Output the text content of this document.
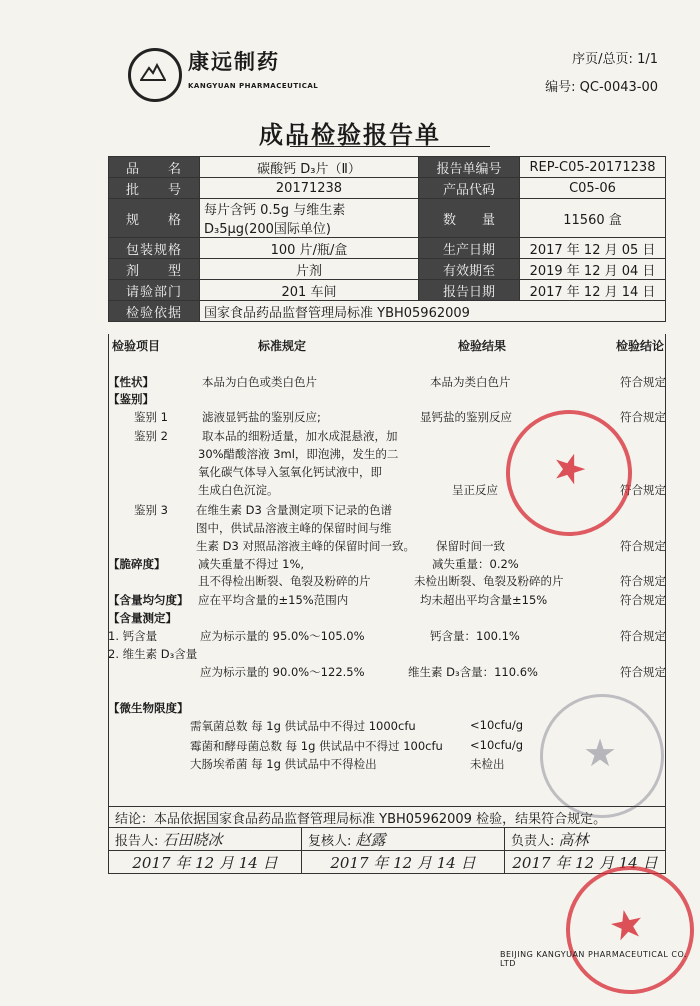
康远制药
KANGYUAN PHARMACEUTICAL
序页/总页: 1/1
编号: QC-0043-00
成品检验报告单
品　　名	碳酸钙 D₃片（Ⅱ）	报告单编号	REP-C05-20171238
批　　号	20171238	产品代码	C05-06
规　　格	每片含钙 0.5g 与维生素 D₃5μg(200国际单位)	数　　量	11560 盒
包装规格	100 片/瓶/盒	生产日期	2017 年 12 月 05 日
剂　　型	片剂	有效期至	2019 年 12 月 04 日
请验部门	201 车间	报告日期	2017 年 12 月 14 日
检验依据	国家食品药品监督管理局标准 YBH05962009		
检验项目	标准规定	检验结果	检验结论
【性状】	本品为白色或类白色片	本品为类白色片	符合规定
【鉴别】
鉴别 1	滤液显钙盐的鉴别反应;	显钙盐的鉴别反应	符合规定
鉴别 2	取本品的细粉适量，加水成混悬液，加
30%醋酸溶液 3ml，即泡沸，发生的二
氧化碳气体导入氢氧化钙试液中，即
生成白色沉淀。	呈正反应	符合规定
鉴别 3 在维生素 D3 含量测定项下记录的色谱
图中，供试品溶液主峰的保留时间与维
生素 D3 对照品溶液主峰的保留时间一致。 保留时间一致	符合规定
【脆碎度】	减失重量不得过 1%,	减失重量：0.2%
且不得检出断裂、龟裂及粉碎的片	未检出断裂、龟裂及粉碎的片	符合规定
【含量均匀度】 应在平均含量的±15%范围内	均未超出平均含量±15%	符合规定
【含量测定】
1. 钙含量	应为标示量的 95.0%～105.0%	钙含量：100.1%	符合规定
2. 维生素 D₃含量
应为标示量的 90.0%～122.5%	维生素 D₃含量：110.6%	符合规定
【微生物限度】
需氧菌总数 每 1g 供试品中不得过 1000cfu	<10cfu/g
霉菌和酵母菌总数 每 1g 供试品中不得过 100cfu <10cfu/g
大肠埃希菌 每 1g 供试品中不得检出	未检出
★
★
结论：本品依据国家食品药品监督管理局标准 YBH05962009 检验，结果符合规定。		
报告人: 石田晓冰	复核人: 赵露	负责人: 高林
2017 年 12 月 14 日	2017 年 12 月 14 日	2017 年 12 月 14 日
★
BEIJING KANGYUAN PHARMACEUTICAL CO. LTD
